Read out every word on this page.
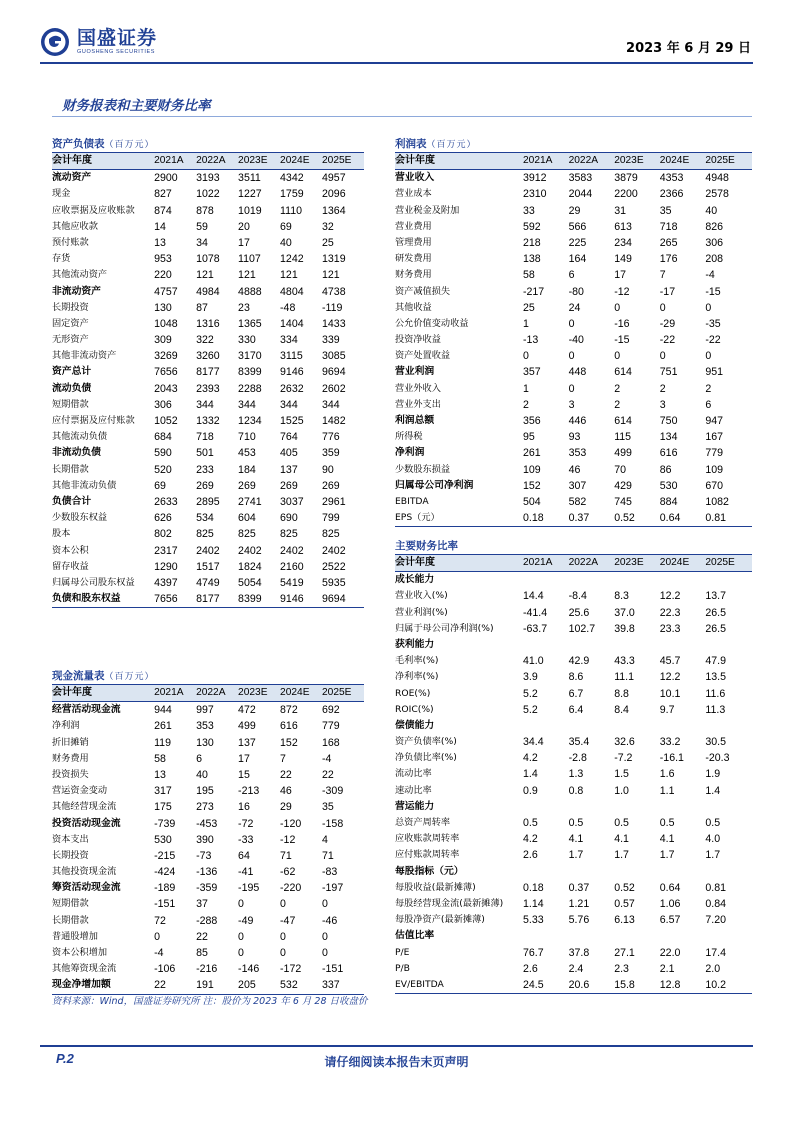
国盛证券
GUOSHENG SECURITIES	2023 年 6 月 29 日
财务报表和主要财务比率
资产负债表（百万元）
会计年度	2021A	2022A	2023E	2024E	2025E
流动资产	2900	3193	3511	4342	4957
现金	827	1022	1227	1759	2096
应收票据及应收账款	874	878	1019	1110	1364
其他应收款	14	59	20	69	32
预付账款	13	34	17	40	25
存货	953	1078	1107	1242	1319
其他流动资产	220	121	121	121	121
非流动资产	4757	4984	4888	4804	4738
长期投资	130	87	23	-48	-119
固定资产	1048	1316	1365	1404	1433
无形资产	309	322	330	334	339
其他非流动资产	3269	3260	3170	3115	3085
资产总计	7656	8177	8399	9146	9694
流动负债	2043	2393	2288	2632	2602
短期借款	306	344	344	344	344
应付票据及应付账款	1052	1332	1234	1525	1482
其他流动负债	684	718	710	764	776
非流动负债	590	501	453	405	359
长期借款	520	233	184	137	90
其他非流动负债	69	269	269	269	269
负债合计	2633	2895	2741	3037	2961
少数股东权益	626	534	604	690	799
股本	802	825	825	825	825
资本公积	2317	2402	2402	2402	2402
留存收益	1290	1517	1824	2160	2522
归属母公司股东权益	4397	4749	5054	5419	5935
负债和股东权益	7656	8177	8399	9146	9694
现金流量表（百万元）
会计年度	2021A	2022A	2023E	2024E	2025E
经营活动现金流	944	997	472	872	692
净利润	261	353	499	616	779
折旧摊销	119	130	137	152	168
财务费用	58	6	17	7	-4
投资损失	13	40	15	22	22
营运资金变动	317	195	-213	46	-309
其他经营现金流	175	273	16	29	35
投资活动现金流	-739	-453	-72	-120	-158
资本支出	530	390	-33	-12	4
长期投资	-215	-73	64	71	71
其他投资现金流	-424	-136	-41	-62	-83
筹资活动现金流	-189	-359	-195	-220	-197
短期借款	-151	37	0	0	0
长期借款	72	-288	-49	-47	-46
普通股增加	0	22	0	0	0
资本公积增加	-4	85	0	0	0
其他筹资现金流	-106	-216	-146	-172	-151
现金净增加额	22	191	205	532	337
利润表（百万元）
会计年度	2021A	2022A	2023E	2024E	2025E
营业收入	3912	3583	3879	4353	4948
营业成本	2310	2044	2200	2366	2578
营业税金及附加	33	29	31	35	40
营业费用	592	566	613	718	826
管理费用	218	225	234	265	306
研发费用	138	164	149	176	208
财务费用	58	6	17	7	-4
资产减值损失	-217	-80	-12	-17	-15
其他收益	25	24	0	0	0
公允价值变动收益	1	0	-16	-29	-35
投资净收益	-13	-40	-15	-22	-22
资产处置收益	0	0	0	0	0
营业利润	357	448	614	751	951
营业外收入	1	0	2	2	2
营业外支出	2	3	2	3	6
利润总额	356	446	614	750	947
所得税	95	93	115	134	167
净利润	261	353	499	616	779
少数股东损益	109	46	70	86	109
归属母公司净利润	152	307	429	530	670
EBITDA	504	582	745	884	1082
EPS（元）	0.18	0.37	0.52	0.64	0.81
主要财务比率
会计年度	2021A	2022A	2023E	2024E	2025E
成长能力
营业收入(%)	14.4	-8.4	8.3	12.2	13.7
营业利润(%)	-41.4	25.6	37.0	22.3	26.5
归属于母公司净利润(%)	-63.7	102.7	39.8	23.3	26.5
获利能力
毛利率(%)	41.0	42.9	43.3	45.7	47.9
净利率(%)	3.9	8.6	11.1	12.2	13.5
ROE(%)	5.2	6.7	8.8	10.1	11.6
ROIC(%)	5.2	6.4	8.4	9.7	11.3
偿债能力
资产负债率(%)	34.4	35.4	32.6	33.2	30.5
净负债比率(%)	4.2	-2.8	-7.2	-16.1	-20.3
流动比率	1.4	1.3	1.5	1.6	1.9
速动比率	0.9	0.8	1.0	1.1	1.4
营运能力
总资产周转率	0.5	0.5	0.5	0.5	0.5
应收账款周转率	4.2	4.1	4.1	4.1	4.0
应付账款周转率	2.6	1.7	1.7	1.7	1.7
每股指标（元）
每股收益(最新摊薄)	0.18	0.37	0.52	0.64	0.81
每股经营现金流(最新摊薄)	1.14	1.21	0.57	1.06	0.84
每股净资产(最新摊薄)	5.33	5.76	6.13	6.57	7.20
估值比率
P/E	76.7	37.8	27.1	22.0	17.4
P/B	2.6	2.4	2.3	2.1	2.0
EV/EBITDA	24.5	20.6	15.8	12.8	10.2
资料来源：Wind，国盛证券研究所 注：股价为 2023 年 6 月 28 日收盘价
P.2	请仔细阅读本报告末页声明
